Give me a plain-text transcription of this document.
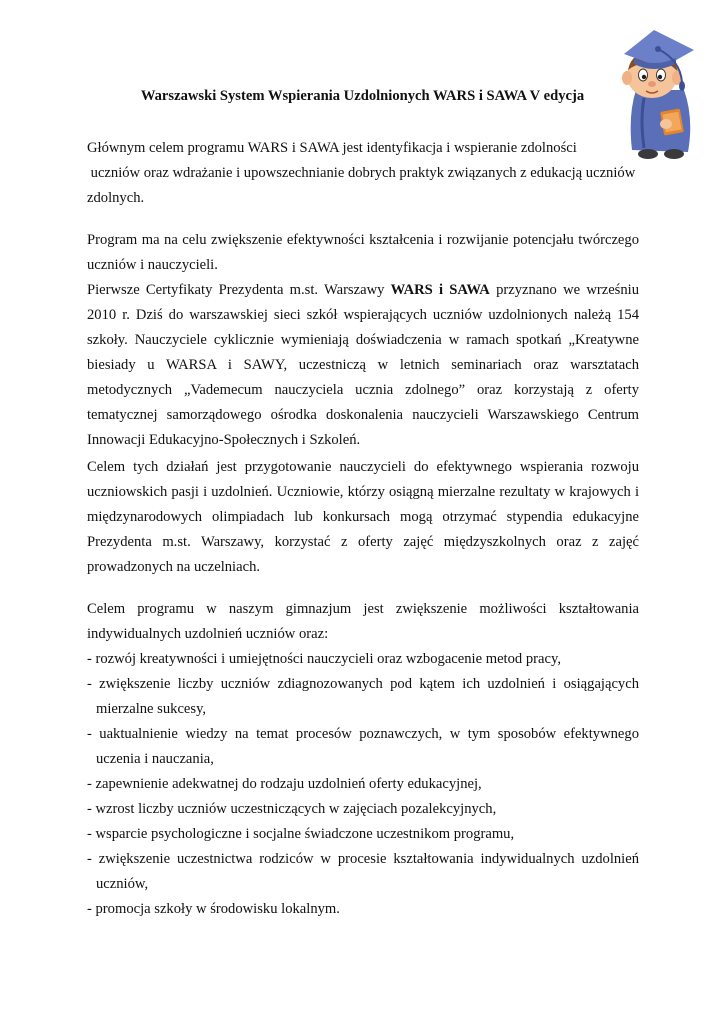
Warszawski System Wspierania Uzdolnionych WARS i SAWA V edycja
Głównym celem programu WARS i SAWA jest identyfikacja i wspieranie zdolności
uczniów oraz wdrażanie i upowszechnianie dobrych praktyk związanych z edukacją uczniów
zdolnych.
Program ma na celu zwiększenie efektywności kształcenia i rozwijanie potencjału twórczego uczniów i nauczycieli.
Pierwsze Certyfikaty Prezydenta m.st. Warszawy WARS i SAWA przyznano we wrześniu 2010 r. Dziś do warszawskiej sieci szkół wspierających uczniów uzdolnionych należą 154 szkoły. Nauczyciele cyklicznie wymieniają doświadczenia w ramach spotkań „Kreatywne biesiady u WARSA i SAWY, uczestniczą w letnich seminariach oraz warsztatach metodycznych „Vademecum nauczyciela ucznia zdolnego” oraz korzystają z oferty tematycznej samorządowego ośrodka doskonalenia nauczycieli Warszawskiego Centrum Innowacji Edukacyjno-Społecznych i Szkoleń.
Celem tych działań jest przygotowanie nauczycieli do efektywnego wspierania rozwoju uczniowskich pasji i uzdolnień. Uczniowie, którzy osiągną mierzalne rezultaty w krajowych i międzynarodowych olimpiadach lub konkursach mogą otrzymać stypendia edukacyjne Prezydenta m.st. Warszawy, korzystać z oferty zajęć międzyszkolnych oraz z zajęć prowadzonych na uczelniach.
Celem programu w naszym gimnazjum jest zwiększenie możliwości kształtowania indywidualnych uzdolnień uczniów oraz:
- rozwój kreatywności i umiejętności nauczycieli oraz wzbogacenie metod pracy,
- zwiększenie liczby uczniów zdiagnozowanych pod kątem ich uzdolnień i osiągających mierzalne sukcesy,
- uaktualnienie wiedzy na temat procesów poznawczych, w tym sposobów efektywnego uczenia i nauczania,
- zapewnienie adekwatnej do rodzaju uzdolnień oferty edukacyjnej,
- wzrost liczby uczniów uczestniczących w zajęciach pozalekcyjnych,
- wsparcie psychologiczne i socjalne świadczone uczestnikom programu,
- zwiększenie uczestnictwa rodziców w procesie kształtowania indywidualnych uzdolnień uczniów,
- promocja szkoły w środowisku lokalnym.
